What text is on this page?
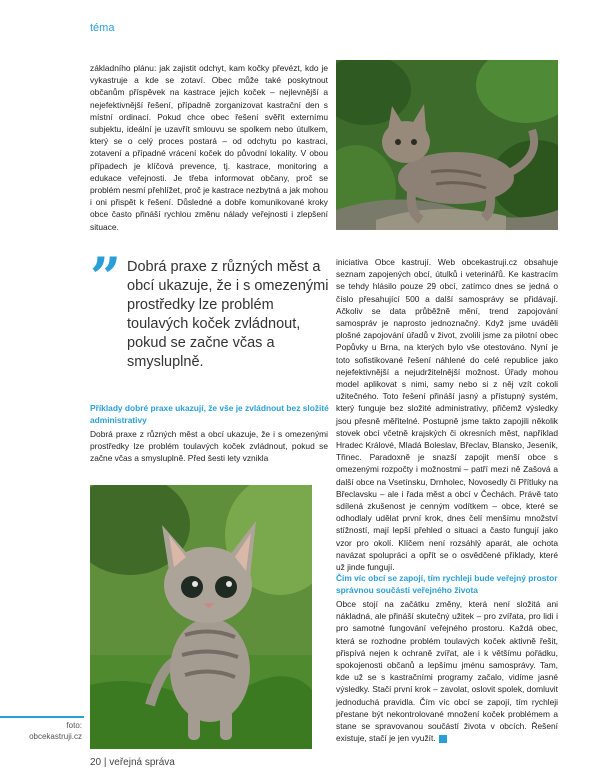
téma

základního plánu: jak zajistit odchyt, kam kočky převézt, kdo je vykastruje a kde se zotaví. Obec může také poskytnout občanům příspěvek na kastrace jejich koček – nejlevnější a nejefektivnější řešení, případně zorganizovat kastrační den s místní ordinací. Pokud chce obec řešení svěřit externímu subjektu, ideální je uzavřít smlouvu se spolkem nebo útulkem, který se o celý proces postará – od odchytu po kastraci, zotavení a případné vrácení koček do původní lokality. V obou případech je klíčová prevence, tj. kastrace, monitoring a edukace veřejnosti. Je třeba informovat občany, proč se problém nesmí přehlížet, proč je kastrace nezbytná a jak mohou i oni přispět k řešení. Důsledné a dobře komunikované kroky obce často přináší rychlou změnu nálady veřejnosti i zlepšení situace.

” Dobrá praxe z různých měst a obcí ukazuje, že i s omezenými prostředky lze problém toulavých koček zvládnout, pokud se začne včas a smysluplně.
Příklady dobré praxe ukazují, že vše je zvládnout bez složité administrativy

Dobrá praxe z různých měst a obcí ukazuje, že i s omezenými prostředky lze problém toulavých koček zvládnout, pokud se začne včas a smysluplně. Před šesti lety vznikla

iniciativa Obce kastrují. Web obcekastruji.cz obsahuje seznam zapojených obcí, útulků i veterinářů. Ke kastracím se tehdy hlásilo pouze 29 obcí, zatímco dnes se jedná o číslo přesahující 500 a další samosprávy se přidávají. Ačkoliv se data průběžně mění, trend zapojování samospráv je naprosto jednoznačný. Když jsme uváděli plošné zapojování úřadů v život, zvolili jsme za pilotní obec Popůvky u Brna, na kterých bylo vše otestováno. Nyní je toto sofistikované řešení náhlené do celé republice jako nejefektivnější a nejudržitelnější možnost. Úřady mohou model aplikovat s nimi, samy nebo si z něj vzít cokoli užitečného. Toto řešení přináší jasný a přístupný systém, který funguje bez složité administrativy, přičemž výsledky jsou přesně měřitelné. Postupně jsme takto zapojili několik stovek obcí včetně krajských či okresních měst, například Hradec Králové, Mladá Boleslav, Břeclav, Blansko, Jeseník, Třinec. Paradoxně je snazší zapojit menší obce s omezenými rozpočty i možnostmi – patří mezi ně Zašová a další obce na Vsetínsku, Drnholec, Novosedly či Přítluky na Břeclavsku – ale i řada měst a obcí v Čechách. Právě tato sdílená zkušenost je cenným vodítkem – obce, které se odhodlaly udělat první krok, dnes čelí menšímu množství stížností, mají lepší přehled o situaci a často fungují jako vzor pro okolí. Klíčem není rozsáhlý aparát, ale ochota navázat spolupráci a opřít se o osvědčené příklady, které už jinde fungují.

Čím víc obcí se zapojí, tím rychleji bude veřejný prostor správnou součástí veřejného života

Obce stojí na začátku změny, která není složitá ani nákladná, ale přináší skutečný užitek – pro zvířata, pro lidi i pro samotné fungování veřejného prostoru. Každá obec, která se rozhodne problém toulavých koček aktivně řešit, přispívá nejen k ochraně zvířat, ale i k většímu pořádku, spokojenosti občanů a lepšímu jménu samosprávy. Tam, kde už se s kastračními programy začalo, vidíme jasné výsledky. Stačí první krok – zavolat, oslovit spolek, domluvit jednoduchá pravidla. Čím víc obcí se zapojí, tím rychleji přestane být nekontrolované množení koček problémem a stane se spravovanou součástí života v obcích. Řešení existuje, stačí je jen využít.

foto:
obcekastruji.cz
20 | veřejná správa
